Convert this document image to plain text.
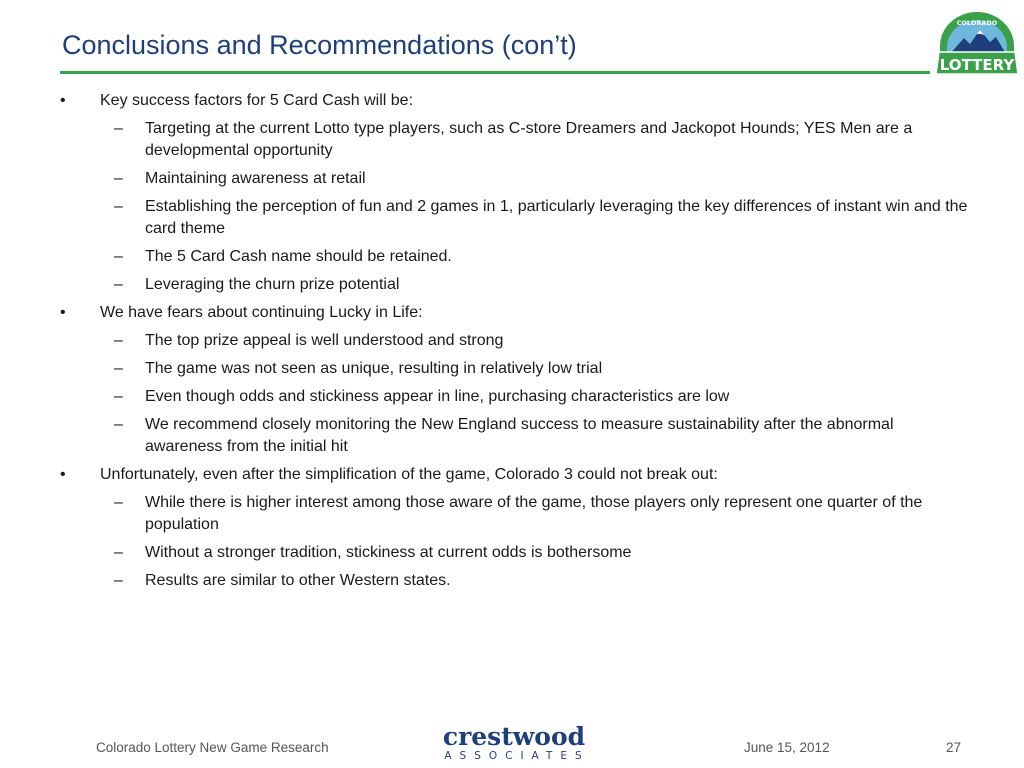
Conclusions and Recommendations (con’t)
COLORADO
LOTTERY
• Key success factors for 5 Card Cash will be:
– Targeting at the current Lotto type players, such as C-store Dreamers and Jackopot Hounds; YES Men are a developmental opportunity
– Maintaining awareness at retail
– Establishing the perception of fun and 2 games in 1, particularly leveraging the key differences of instant win and the card theme
– The 5 Card Cash name should be retained.
– Leveraging the churn prize potential
• We have fears about continuing Lucky in Life:
– The top prize appeal is well understood and strong
– The game was not seen as unique, resulting in relatively low trial
– Even though odds and stickiness appear in line, purchasing characteristics are low
– We recommend closely monitoring the New England success to measure sustainability after the abnormal awareness from the initial hit
• Unfortunately, even after the simplification of the game, Colorado 3 could not break out:
– While there is higher interest among those aware of the game, those players only represent one quarter of the population
– Without a stronger tradition, stickiness at current odds is bothersome
– Results are similar to other Western states.
Colorado Lottery New Game Research	crestwood
ASSOCIATES
June 15, 2012	27
